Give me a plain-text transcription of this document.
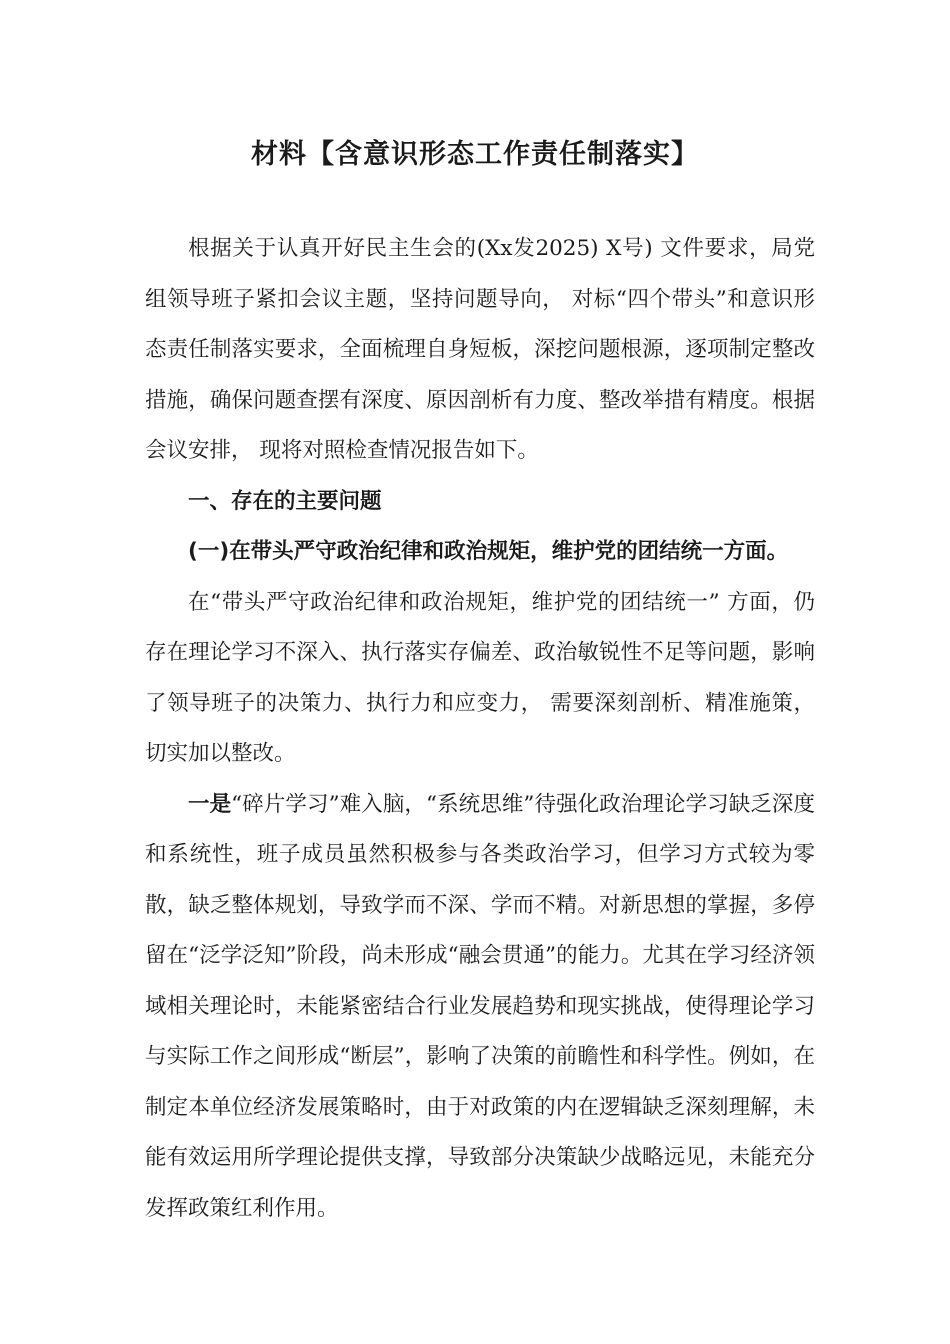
材料【含意识形态工作责任制落实】

根据关于认真开好民主生会的(Xx发2025) X号) 文件要求，局党组领导班子紧扣会议主题，坚持问题导向， 对标“四个带头”和意识形态责任制落实要求，全面梳理自身短板，深挖问题根源，逐项制定整改措施，确保问题查摆有深度、原因剖析有力度、整改举措有精度。根据会议安排， 现将对照检查情况报告如下。

一、存在的主要问题

(一)在带头严守政治纪律和政治规矩，维护党的团结统一方面。

在“带头严守政治纪律和政治规矩，维护党的团结统一” 方面，仍存在理论学习不深入、执行落实存偏差、政治敏锐性不足等问题，影响了领导班子的决策力、执行力和应变力， 需要深刻剖析、精准施策，切实加以整改。

一是“碎片学习”难入脑，“系统思维”待强化政治理论学习缺乏深度和系统性，班子成员虽然积极参与各类政治学习，但学习方式较为零散，缺乏整体规划，导致学而不深、学而不精。对新思想的掌握，多停留在“泛学泛知”阶段，尚未形成“融会贯通”的能力。尤其在学习经济领域相关理论时，未能紧密结合行业发展趋势和现实挑战，使得理论学习与实际工作之间形成“断层”，影响了决策的前瞻性和科学性。例如，在制定本单位经济发展策略时，由于对政策的内在逻辑缺乏深刻理解，未能有效运用所学理论提供支撑，导致部分决策缺少战略远见，未能充分发挥政策红利作用。
